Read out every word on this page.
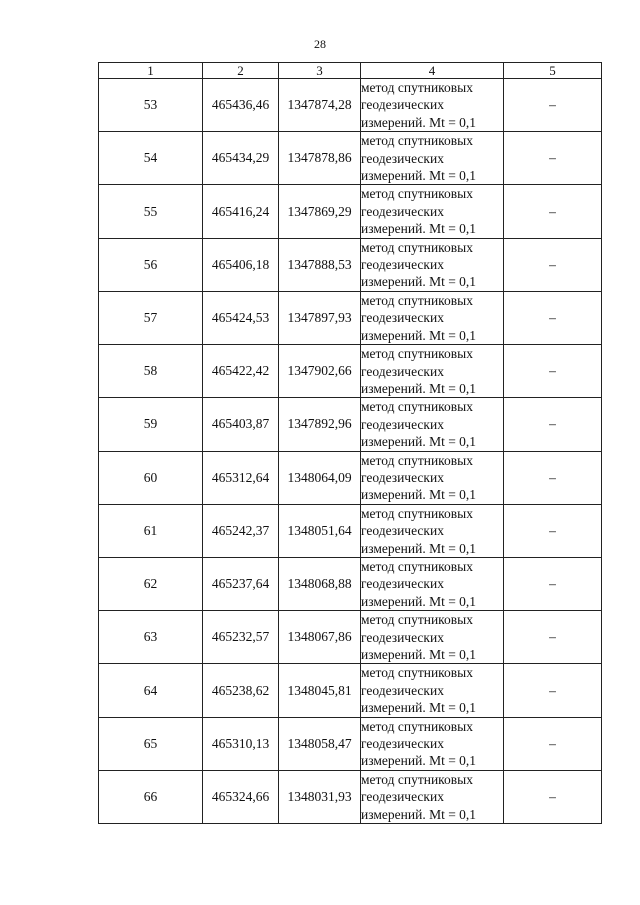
28
1	2	3	4	5
53	465436,46	1347874,28	метод спутниковых
геодезических
измерений. Mt = 0,1	–
54	465434,29	1347878,86	метод спутниковых
геодезических
измерений. Mt = 0,1	–
55	465416,24	1347869,29	метод спутниковых
геодезических
измерений. Mt = 0,1	–
56	465406,18	1347888,53	метод спутниковых
геодезических
измерений. Mt = 0,1	–
57	465424,53	1347897,93	метод спутниковых
геодезических
измерений. Mt = 0,1	–
58	465422,42	1347902,66	метод спутниковых
геодезических
измерений. Mt = 0,1	–
59	465403,87	1347892,96	метод спутниковых
геодезических
измерений. Mt = 0,1	–
60	465312,64	1348064,09	метод спутниковых
геодезических
измерений. Mt = 0,1	–
61	465242,37	1348051,64	метод спутниковых
геодезических
измерений. Mt = 0,1	–
62	465237,64	1348068,88	метод спутниковых
геодезических
измерений. Mt = 0,1	–
63	465232,57	1348067,86	метод спутниковых
геодезических
измерений. Mt = 0,1	–
64	465238,62	1348045,81	метод спутниковых
геодезических
измерений. Mt = 0,1	–
65	465310,13	1348058,47	метод спутниковых
геодезических
измерений. Mt = 0,1	–
66	465324,66	1348031,93	метод спутниковых
геодезических
измерений. Mt = 0,1	–
